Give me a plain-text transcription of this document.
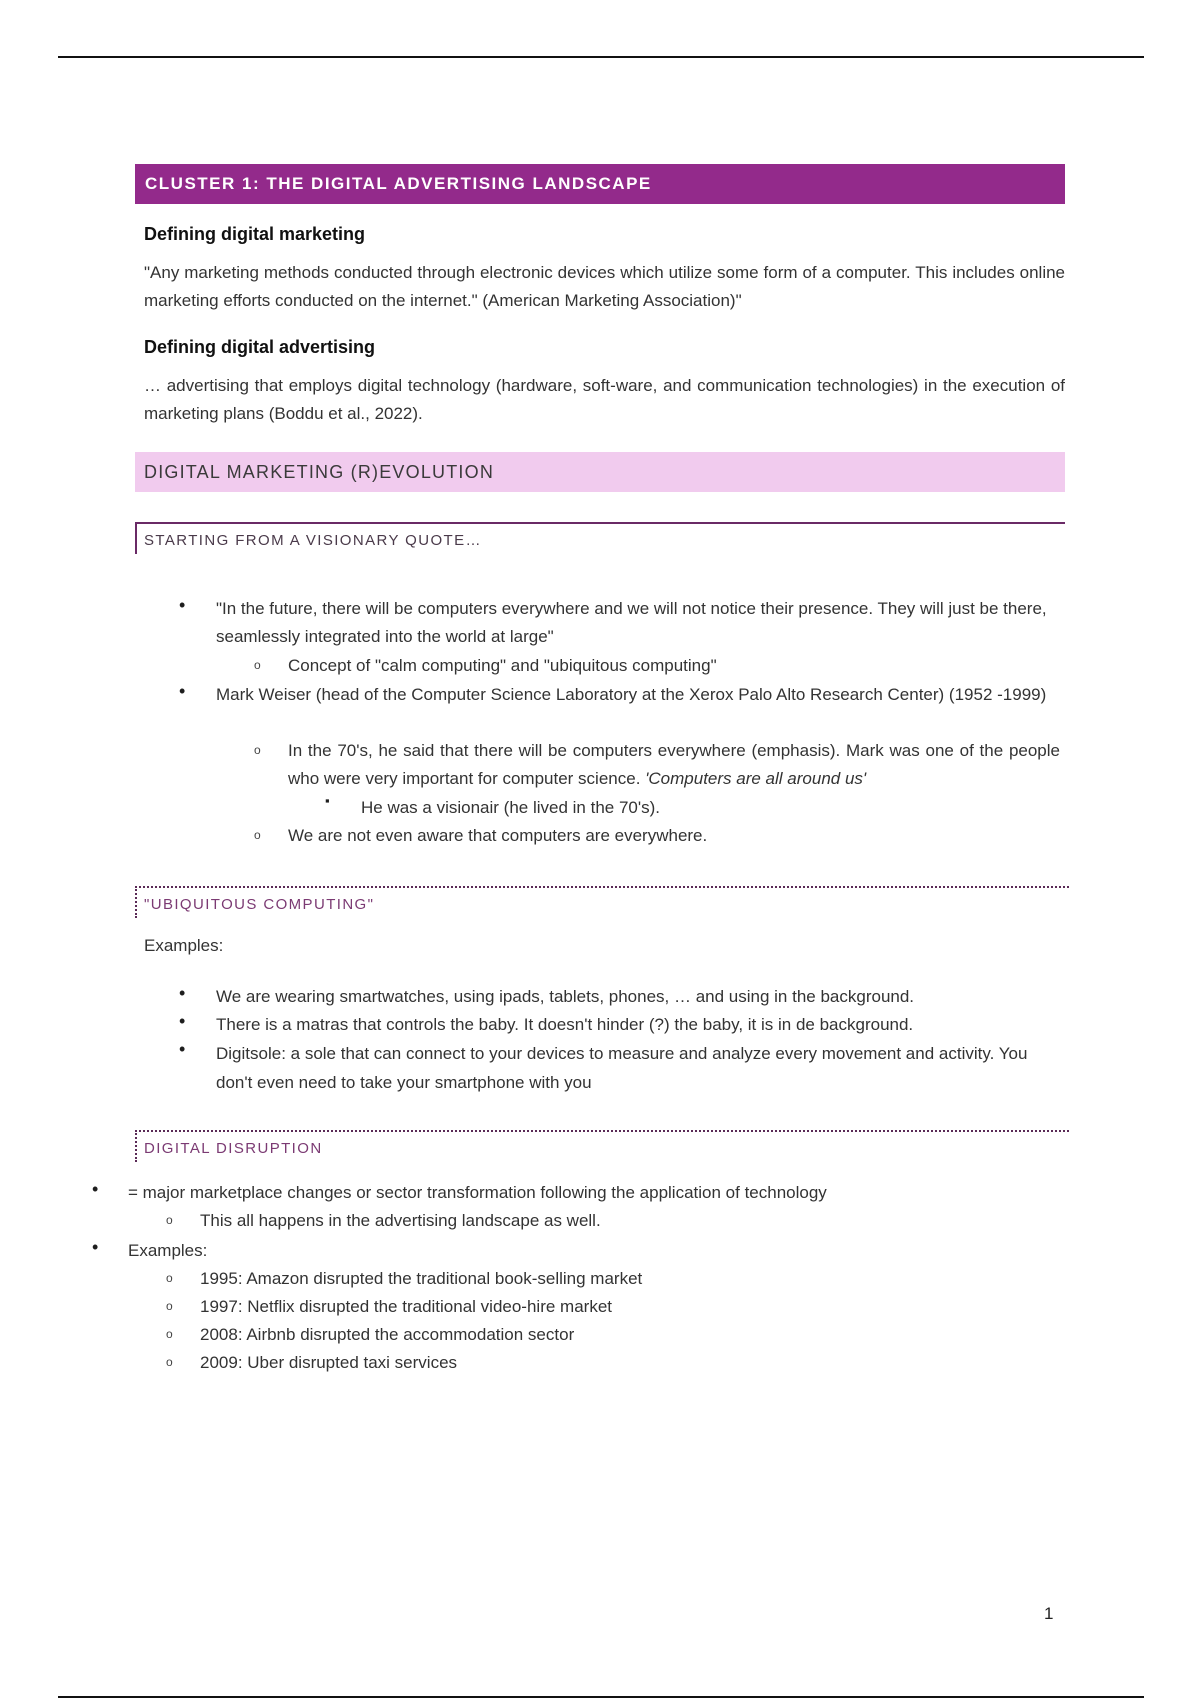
CLUSTER 1: THE DIGITAL ADVERTISING LANDSCAPE
Defining digital marketing

"Any marketing methods conducted through electronic devices which utilize some form of a computer. This includes online marketing efforts conducted on the internet." (American Marketing Association)"

Defining digital advertising

… advertising that employs digital technology (hardware, soft-ware, and communication technologies) in the execution of marketing plans (Boddu et al., 2022).

DIGITAL MARKETING (R)EVOLUTION
STARTING FROM A VISIONARY QUOTE…
• "In the future, there will be computers everywhere and we will not notice their presence. They will just be there, seamlessly integrated into the world at large"
o Concept of "calm computing" and "ubiquitous computing"
• Mark Weiser (head of the Computer Science Laboratory at the Xerox Palo Alto Research Center) (1952 -1999)
o In the 70's, he said that there will be computers everywhere (emphasis). Mark was one of the people who were very important for computer science. 'Computers are all around us'
▪ He was a visionair (he lived in the 70's).
o We are not even aware that computers are everywhere.
"UBIQUITOUS COMPUTING"
Examples:
• We are wearing smartwatches, using ipads, tablets, phones, … and using in the background.
• There is a matras that controls the baby. It doesn't hinder (?) the baby, it is in de background.
• Digitsole: a sole that can connect to your devices to measure and analyze every movement and activity. You don't even need to take your smartphone with you
DIGITAL DISRUPTION
• = major marketplace changes or sector transformation following the application of technology
o This all happens in the advertising landscape as well.
• Examples:
o 1995: Amazon disrupted the traditional book-selling market
o 1997: Netflix disrupted the traditional video-hire market
o 2008: Airbnb disrupted the accommodation sector
o 2009: Uber disrupted taxi services
1
